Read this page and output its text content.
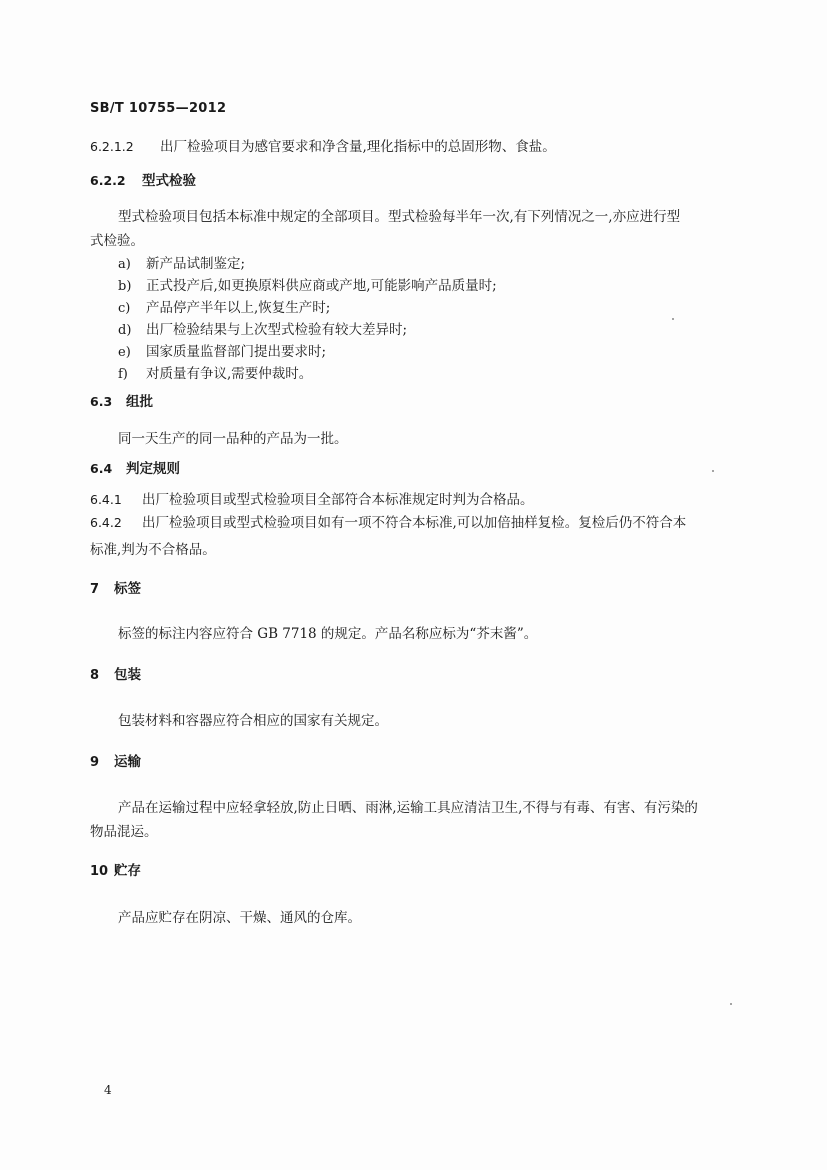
SB/T 10755—2012
6.2.1.2 出厂检验项目为感官要求和净含量,理化指标中的总固形物、食盐。
6.2.2 型式检验
型式检验项目包括本标准中规定的全部项目。型式检验每半年一次,有下列情况之一,亦应进行型
式检验。
a) 新产品试制鉴定;
b) 正式投产后,如更换原料供应商或产地,可能影响产品质量时;
c) 产品停产半年以上,恢复生产时;
d) 出厂检验结果与上次型式检验有较大差异时;
e) 国家质量监督部门提出要求时;
f) 对质量有争议,需要仲裁时。
6.3 组批
同一天生产的同一品种的产品为一批。
6.4 判定规则
6.4.1 出厂检验项目或型式检验项目全部符合本标准规定时判为合格品。
6.4.2 出厂检验项目或型式检验项目如有一项不符合本标准,可以加倍抽样复检。复检后仍不符合本
标准,判为不合格品。
7 标签
标签的标注内容应符合 GB 7718 的规定。产品名称应标为“芥末酱”。
8 包装
包装材料和容器应符合相应的国家有关规定。
9 运输
产品在运输过程中应轻拿轻放,防止日晒、雨淋,运输工具应清洁卫生,不得与有毒、有害、有污染的
物品混运。
10 贮存
产品应贮存在阴凉、干燥、通风的仓库。
4
